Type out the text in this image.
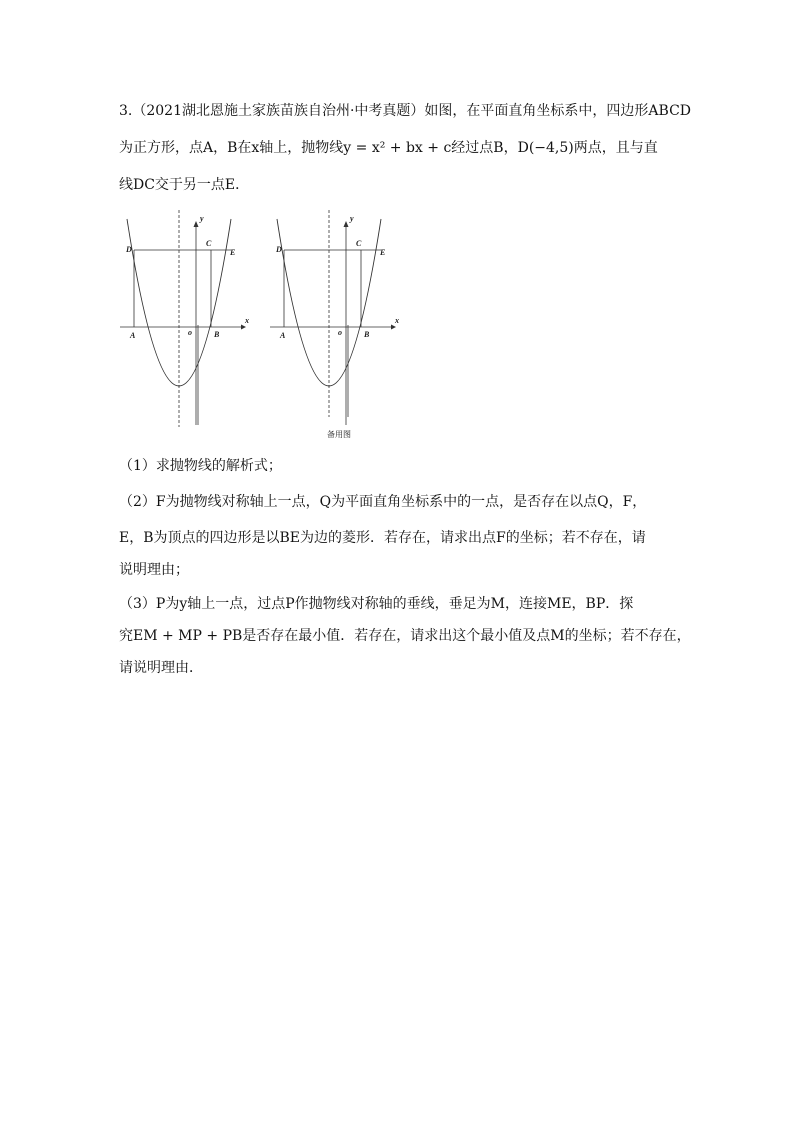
3.（2021湖北恩施土家族苗族自治州·中考真题）如图，在平面直角坐标系中，四边形ABCD
为正方形，点A，B在x轴上，抛物线y = x² + bx + c经过点B，D(−4,5)两点，且与直
线DC交于另一点E．
D
C
E
A	o	B
x
y
D
C
E
A	o	B
x
y
备用图
（1）求抛物线的解析式；
（2）F为抛物线对称轴上一点，Q为平面直角坐标系中的一点，是否存在以点Q，F，
E，B为顶点的四边形是以BE为边的菱形．若存在，请求出点F的坐标；若不存在，请
说明理由；
（3）P为y轴上一点，过点P作抛物线对称轴的垂线，垂足为M，连接ME，BP．探
究EM + MP + PB是否存在最小值．若存在，请求出这个最小值及点M的坐标；若不存在，
请说明理由．
